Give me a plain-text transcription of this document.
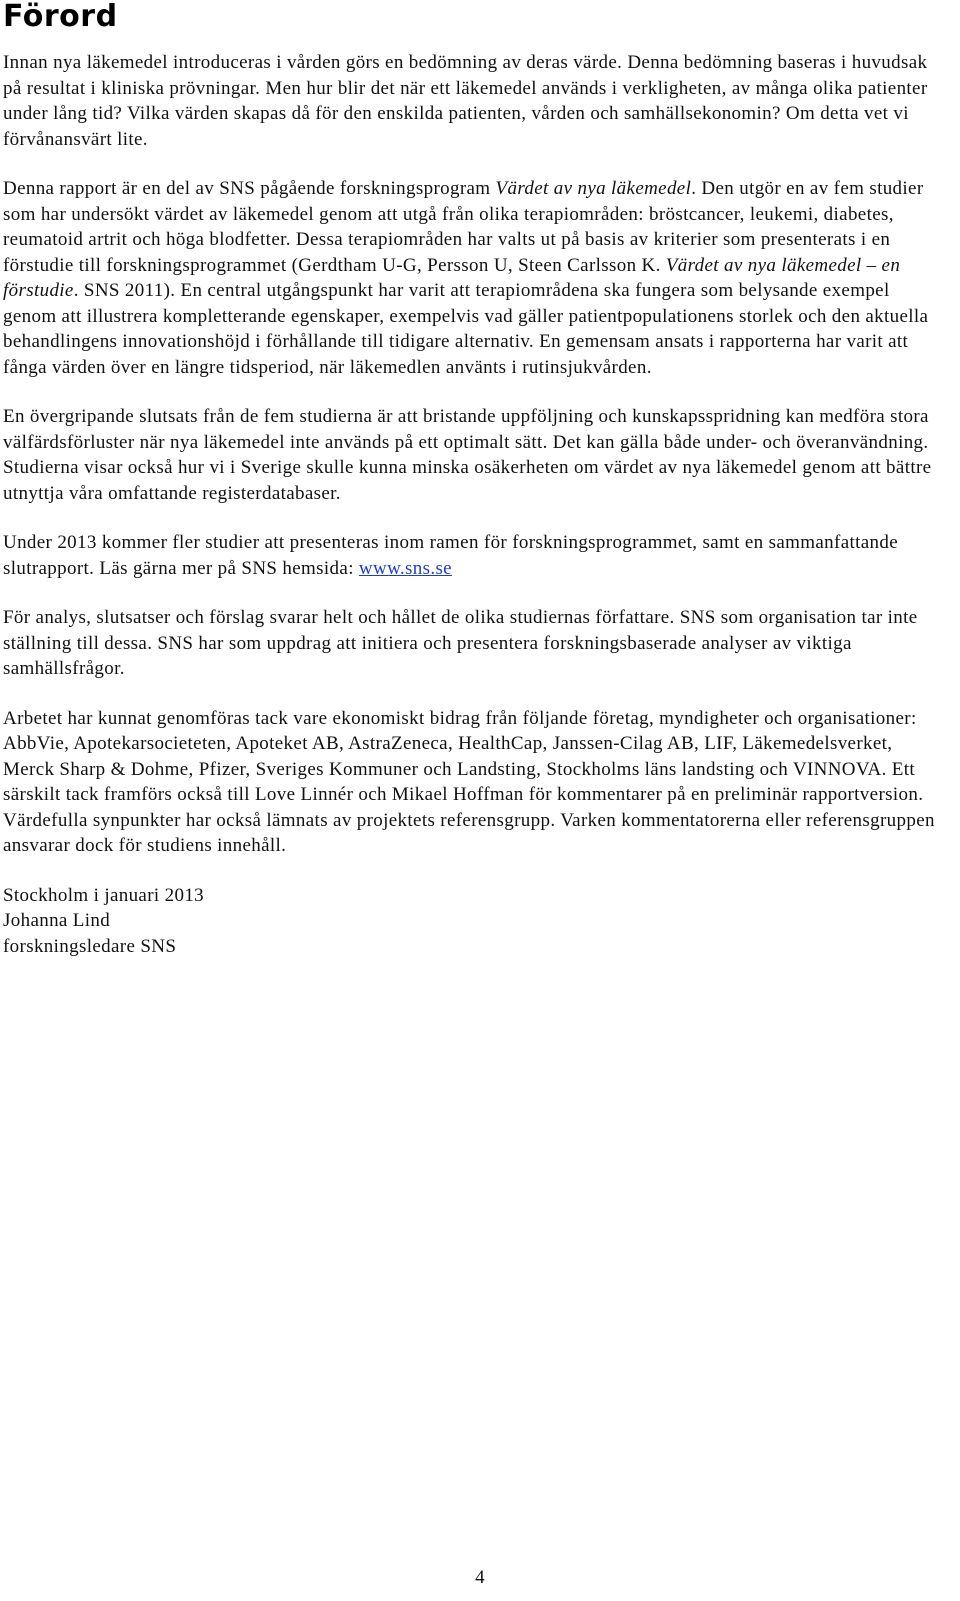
Förord

Innan nya läkemedel introduceras i vården görs en bedömning av deras värde. Denna bedömning baseras i huvudsak på resultat i kliniska prövningar. Men hur blir det när ett läkemedel används i verkligheten, av många olika patienter under lång tid? Vilka värden skapas då för den enskilda patienten, vården och samhällsekonomin? Om detta vet vi förvånansvärt lite.

Denna rapport är en del av SNS pågående forskningsprogram Värdet av nya läkemedel. Den utgör en av fem studier som har undersökt värdet av läkemedel genom att utgå från olika terapiområden: bröstcancer, leukemi, diabetes, reumatoid artrit och höga blodfetter. Dessa terapiområden har valts ut på basis av kriterier som presenterats i en förstudie till forskningsprogrammet (Gerdtham U-G, Persson U, Steen Carlsson K. Värdet av nya läkemedel – en förstudie. SNS 2011). En central utgångspunkt har varit att terapiområdena ska fungera som belysande exempel genom att illustrera kompletterande egenskaper, exempelvis vad gäller patientpopulationens storlek och den aktuella behandlingens innovationshöjd i förhållande till tidigare alternativ. En gemensam ansats i rapporterna har varit att fånga värden över en längre tidsperiod, när läkemedlen använts i rutinsjukvården.

En övergripande slutsats från de fem studierna är att bristande uppföljning och kunskapsspridning kan medföra stora välfärdsförluster när nya läkemedel inte används på ett optimalt sätt. Det kan gälla både under- och överanvändning. Studierna visar också hur vi i Sverige skulle kunna minska osäkerheten om värdet av nya läkemedel genom att bättre utnyttja våra omfattande registerdatabaser.

Under 2013 kommer fler studier att presenteras inom ramen för forskningsprogrammet, samt en sammanfattande slutrapport. Läs gärna mer på SNS hemsida: www.sns.se

För analys, slutsatser och förslag svarar helt och hållet de olika studiernas författare. SNS som organisation tar inte ställning till dessa. SNS har som uppdrag att initiera och presentera forskningsbaserade analyser av viktiga samhällsfrågor.

Arbetet har kunnat genomföras tack vare ekonomiskt bidrag från följande företag, myndigheter och organisationer: AbbVie, Apotekarsocieteten, Apoteket AB, AstraZeneca, HealthCap, Janssen-Cilag AB, LIF, Läkemedelsverket, Merck Sharp & Dohme, Pfizer, Sveriges Kommuner och Landsting, Stockholms läns landsting och VINNOVA. Ett särskilt tack framförs också till Love Linnér och Mikael Hoffman för kommentarer på en preliminär rapportversion. Värdefulla synpunkter har också lämnats av projektets referensgrupp. Varken kommentatorerna eller referensgruppen ansvarar dock för studiens innehåll.

Stockholm i januari 2013

Johanna Lind

forskningsledare SNS

4
